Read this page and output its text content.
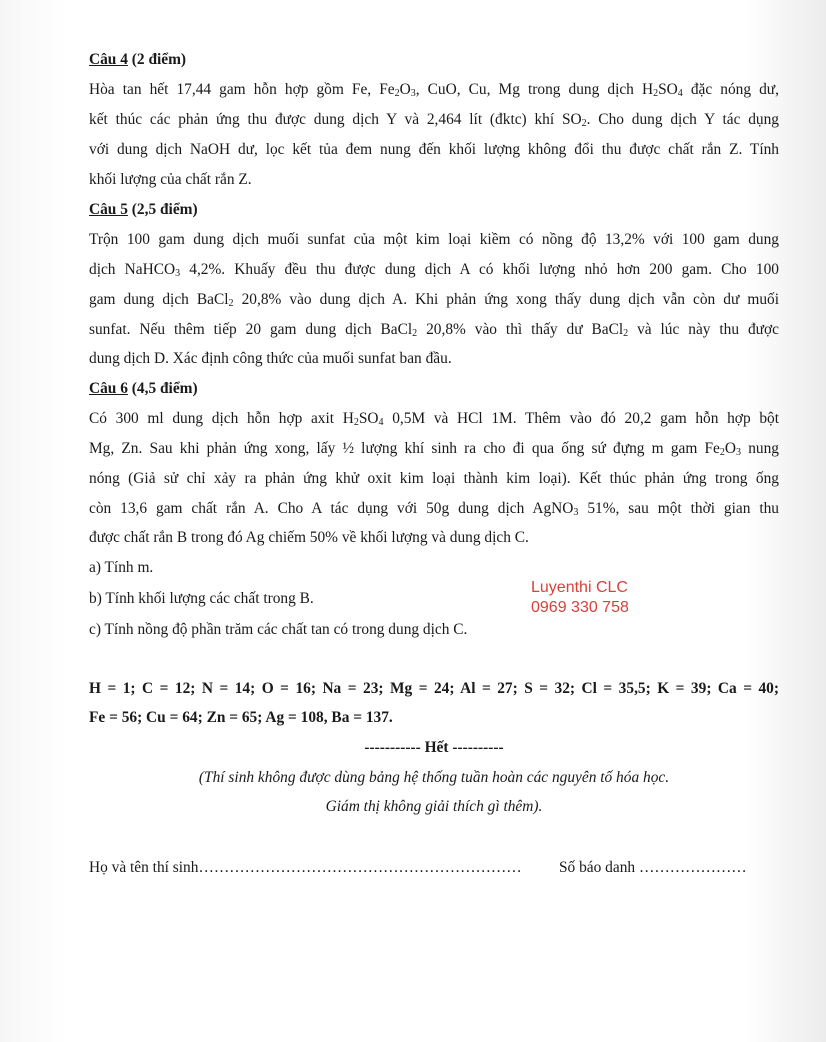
Câu 4 (2 điểm)
Hòa tan hết 17,44 gam hỗn hợp gồm Fe, $Fe_2O_3$, CuO, Cu, Mg trong dung dịch $H_2SO_4$ đặc nóng dư,
kết thúc các phản ứng thu được dung dịch Y và 2,464 lít (đktc) khí $SO_2$. Cho dung dịch Y tác dụng
với dung dịch NaOH dư, lọc kết tủa đem nung đến khối lượng không đổi thu được chất rắn Z. Tính
khối lượng của chất rắn Z.
Câu 5 (2,5 điểm)
Trộn 100 gam dung dịch muối sunfat của một kim loại kiềm có nồng độ 13,2% với 100 gam dung
dịch NaHCO$_3$ 4,2%. Khuấy đều thu được dung dịch A có khối lượng nhỏ hơn 200 gam. Cho 100
gam dung dịch BaCl$_2$ 20,8% vào dung dịch A. Khi phản ứng xong thấy dung dịch vẫn còn dư muối
sunfat. Nếu thêm tiếp 20 gam dung dịch BaCl$_2$ 20,8% vào thì thấy dư BaCl$_2$ và lúc này thu được
dung dịch D. Xác định công thức của muối sunfat ban đầu.
Câu 6 (4,5 điểm)
Có 300 ml dung dịch hỗn hợp axit $H_2SO_4$ 0,5M và HCl 1M. Thêm vào đó 20,2 gam hỗn hợp bột
Mg, Zn. Sau khi phản ứng xong, lấy ½ lượng khí sinh ra cho đi qua ống sứ đựng m gam $Fe_2O_3$ nung
nóng (Giả sử chỉ xảy ra phản ứng khử oxit kim loại thành kim loại). Kết thúc phản ứng trong ống
còn 13,6 gam chất rắn A. Cho A tác dụng với 50g dung dịch AgNO$_3$ 51%, sau một thời gian thu
được chất rắn B trong đó Ag chiếm 50% về khối lượng và dung dịch C.
a) Tính m.
b) Tính khối lượng các chất trong B.
c) Tính nồng độ phần trăm các chất tan có trong dung dịch C.
Luyenthi CLC
0969 330 758
H = 1; C = 12; N = 14; O = 16; Na = 23; Mg = 24; Al = 27; S = 32; Cl = 35,5; K = 39; Ca = 40;
Fe = 56; Cu = 64; Zn = 65; Ag = 108, Ba = 137.
----------- Hết ----------
(Thí sinh không được dùng bảng hệ thống tuần hoàn các nguyên tố hóa học.
Giám thị không giải thích gì thêm).
Họ và tên thí sinh……………………………………………………… Số báo danh …………………
